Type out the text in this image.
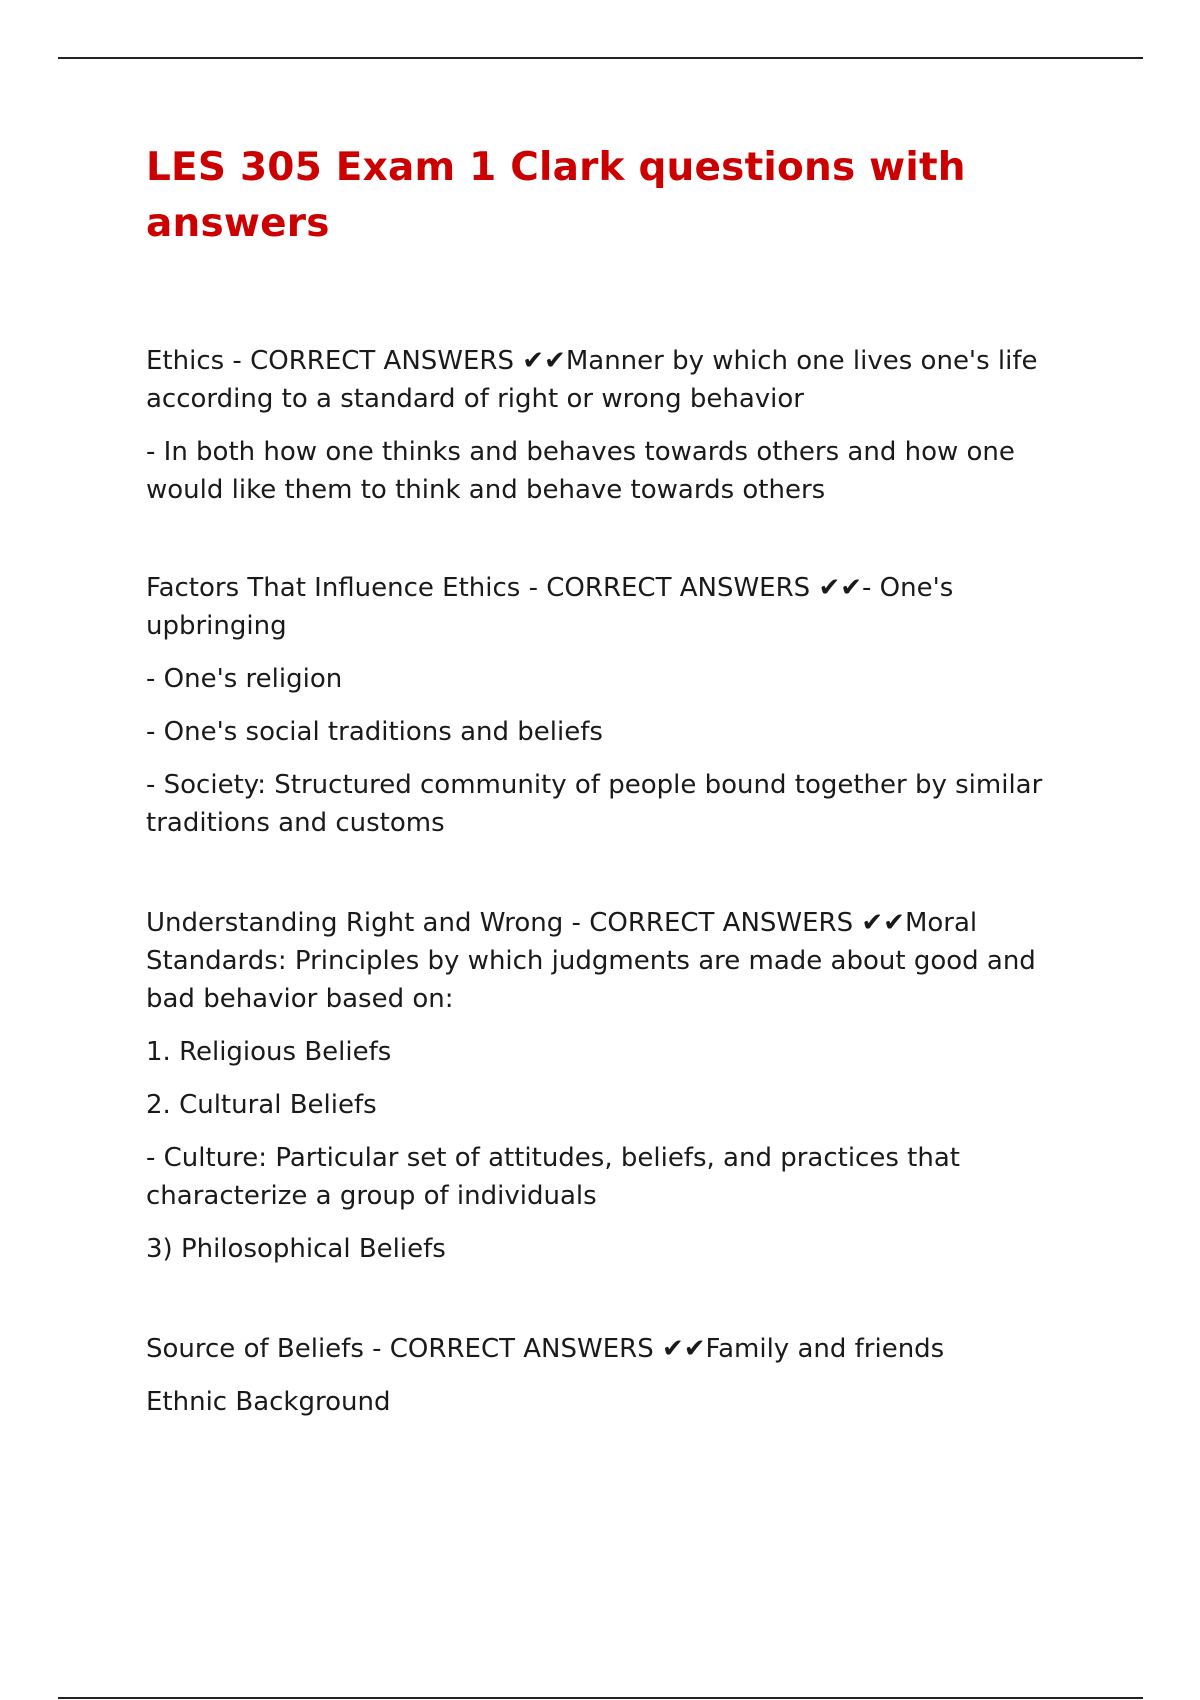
LES 305 Exam 1 Clark questions with answers

Ethics - CORRECT ANSWERS ✔✔Manner by which one lives one's life according to a standard of right or wrong behavior

- In both how one thinks and behaves towards others and how one would like them to think and behave towards others

Factors That Influence Ethics - CORRECT ANSWERS ✔✔- One's upbringing

- One's religion

- One's social traditions and beliefs

- Society: Structured community of people bound together by similar traditions and customs

Understanding Right and Wrong - CORRECT ANSWERS ✔✔Moral Standards: Principles by which judgments are made about good and bad behavior based on:

1. Religious Beliefs

2. Cultural Beliefs

- Culture: Particular set of attitudes, beliefs, and practices that characterize a group of individuals

3) Philosophical Beliefs

Source of Beliefs - CORRECT ANSWERS ✔✔Family and friends

Ethnic Background
